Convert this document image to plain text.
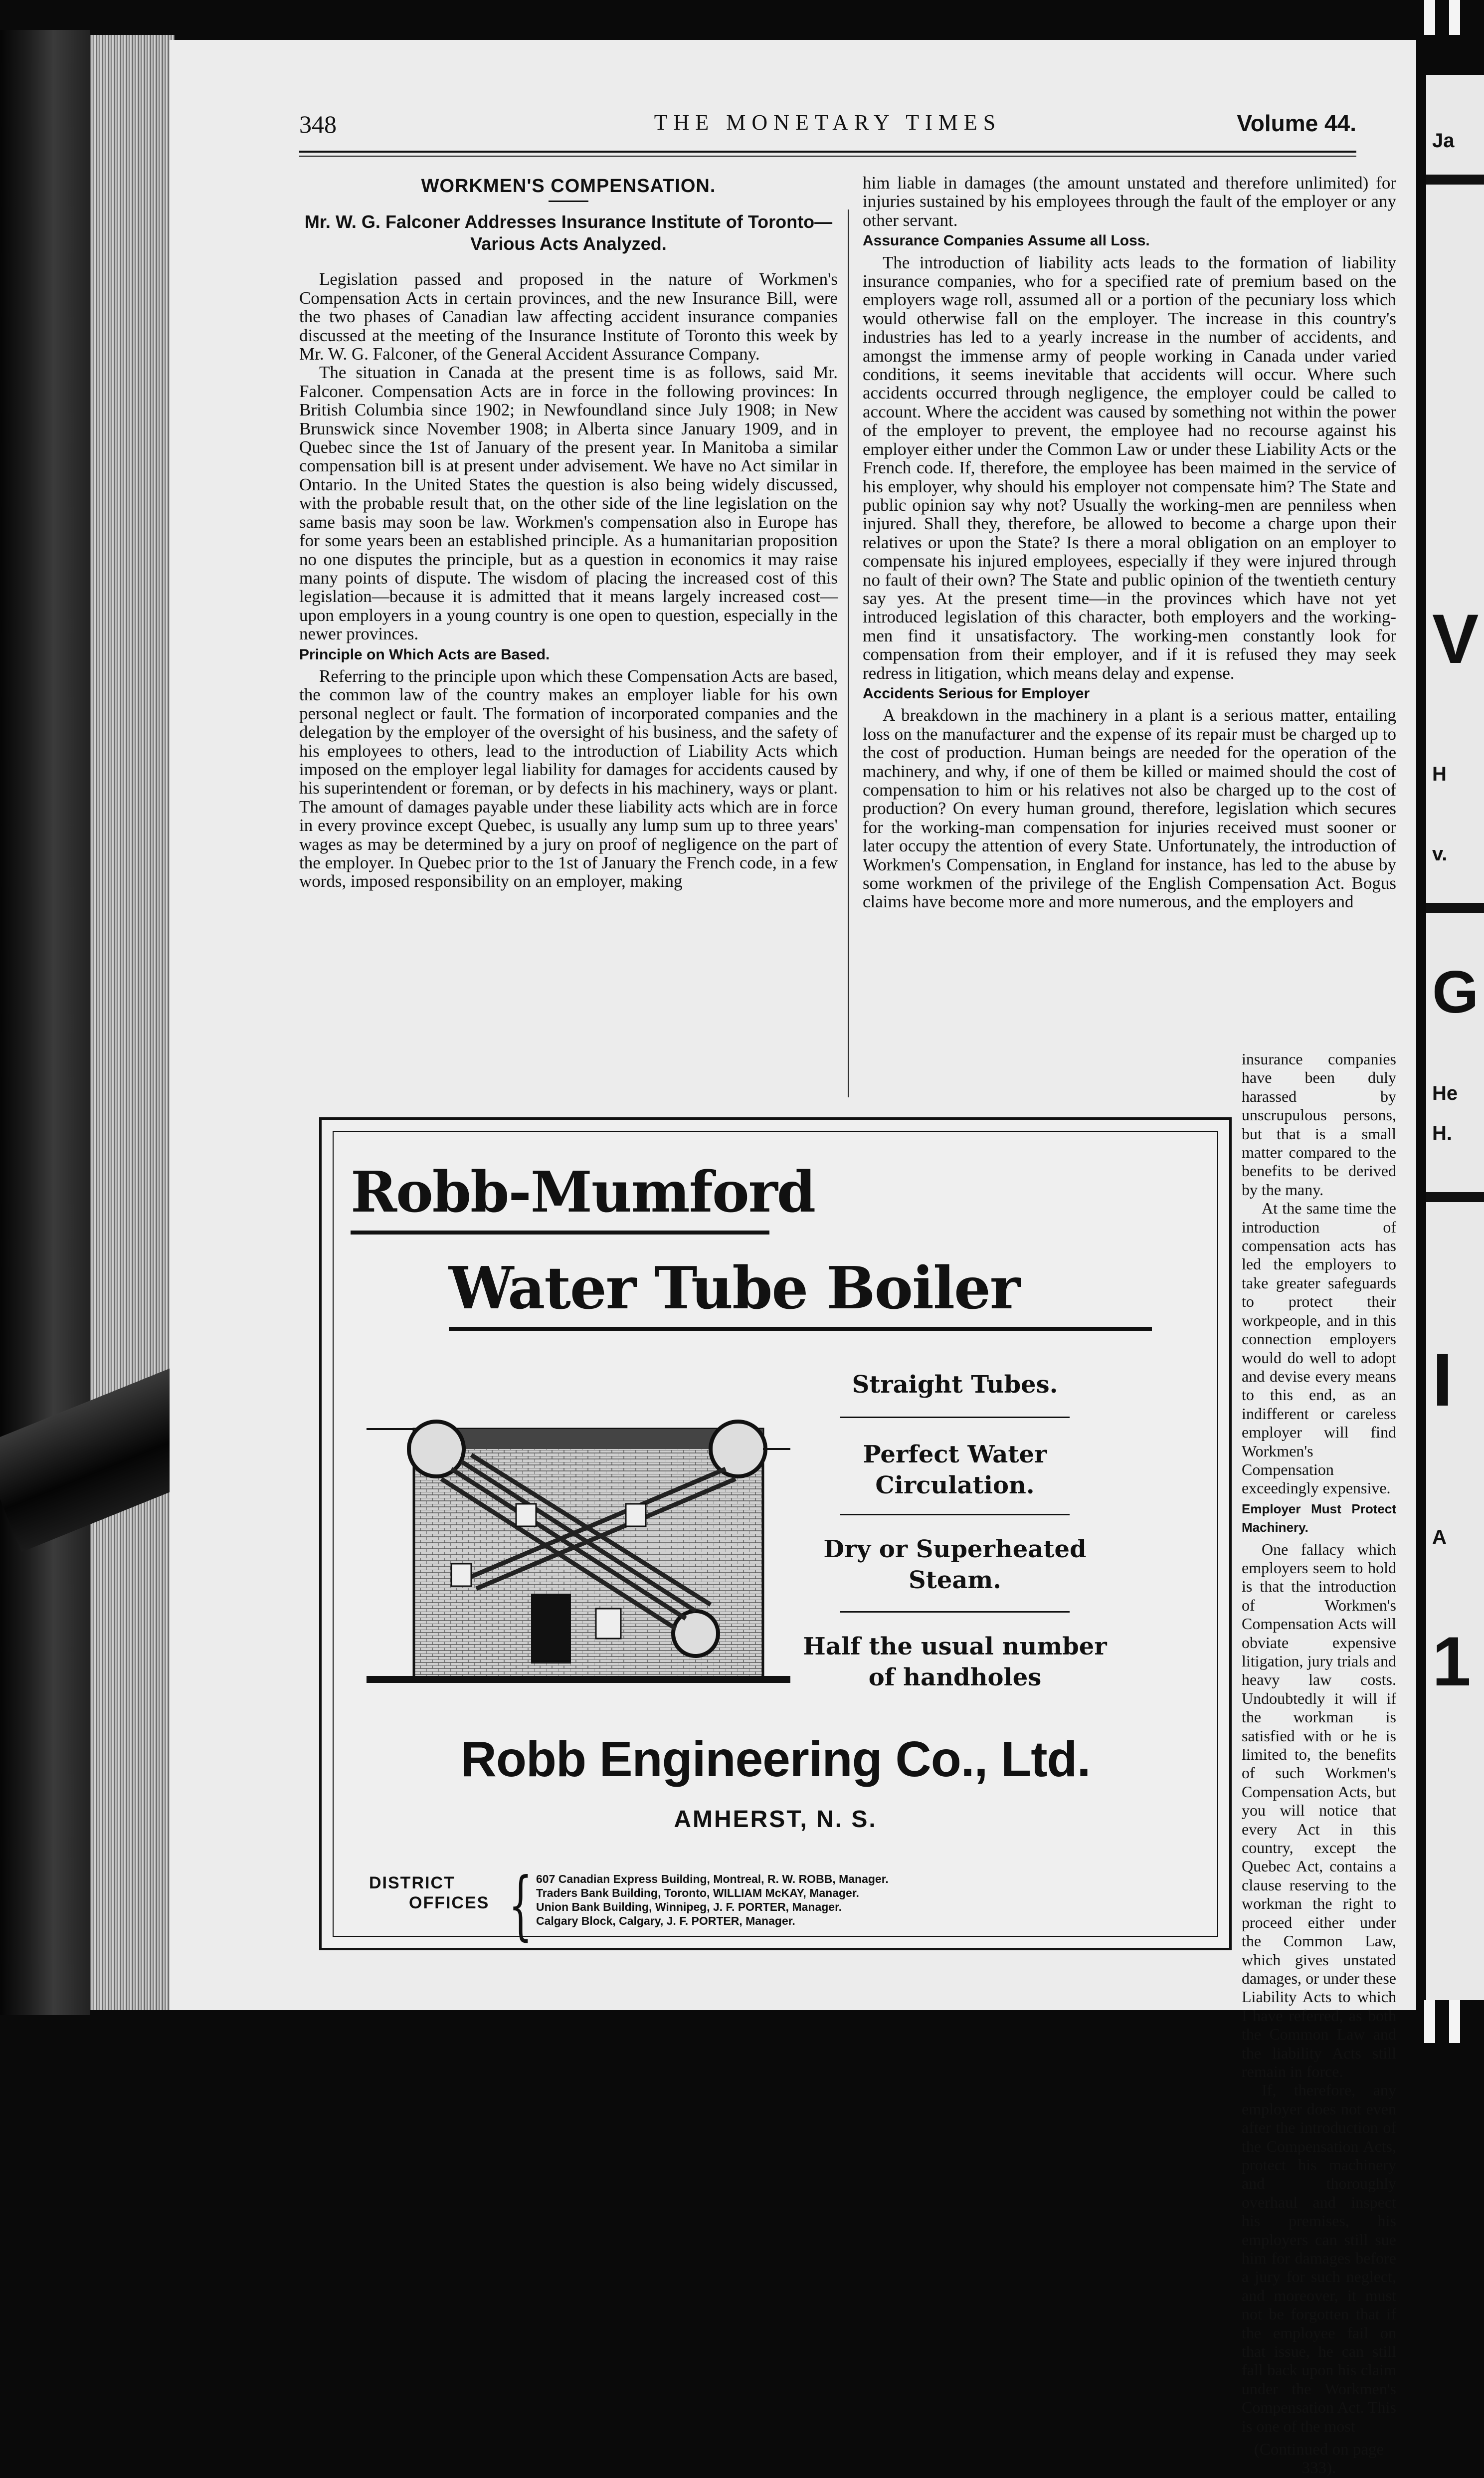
348	THE MONETARY TIMES	Volume 44.
WORKMEN'S COMPENSATION.
Mr. W. G. Falconer Addresses Insurance Institute of Toronto—Various Acts Analyzed.

Legislation passed and proposed in the nature of Workmen's Compensation Acts in certain provinces, and the new Insurance Bill, were the two phases of Canadian law affecting accident insurance companies discussed at the meeting of the Insurance Institute of Toronto this week by Mr. W. G. Falconer, of the General Accident Assurance Company.

The situation in Canada at the present time is as follows, said Mr. Falconer. Compensation Acts are in force in the following provinces: In British Columbia since 1902; in Newfoundland since July 1908; in New Brunswick since November 1908; in Alberta since January 1909, and in Quebec since the 1st of January of the present year. In Manitoba a similar compensation bill is at present under advisement. We have no Act similar in Ontario. In the United States the question is also being widely discussed, with the probable result that, on the other side of the line legislation on the same basis may soon be law. Workmen's compensation also in Europe has for some years been an established principle. As a humanitarian proposition no one disputes the principle, but as a question in economics it may raise many points of dispute. The wisdom of placing the increased cost of this legislation—because it is admitted that it means largely increased cost—upon employers in a young country is one open to question, especially in the newer provinces.

Principle on Which Acts are Based.

Referring to the principle upon which these Compensation Acts are based, the common law of the country makes an employer liable for his own personal neglect or fault. The formation of incorporated companies and the delegation by the employer of the oversight of his business, and the safety of his employees to others, lead to the introduction of Liability Acts which imposed on the employer legal liability for damages for accidents caused by his superintendent or foreman, or by defects in his machinery, ways or plant. The amount of damages payable under these liability acts which are in force in every province except Quebec, is usually any lump sum up to three years' wages as may be determined by a jury on proof of negligence on the part of the employer. In Quebec prior to the 1st of January the French code, in a few words, imposed responsibility on an employer, making

him liable in damages (the amount unstated and therefore unlimited) for injuries sustained by his employees through the fault of the employer or any other servant.

Assurance Companies Assume all Loss.

The introduction of liability acts leads to the formation of liability insurance companies, who for a specified rate of premium based on the employers wage roll, assumed all or a portion of the pecuniary loss which would otherwise fall on the employer. The increase in this country's industries has led to a yearly increase in the number of accidents, and amongst the immense army of people working in Canada under varied conditions, it seems inevitable that accidents will occur. Where such accidents occurred through negligence, the employer could be called to account. Where the accident was caused by something not within the power of the employer to prevent, the employee had no recourse against his employer either under the Common Law or under these Liability Acts or the French code. If, therefore, the employee has been maimed in the service of his employer, why should his employer not compensate him? The State and public opinion say why not? Usually the working-men are penniless when injured. Shall they, therefore, be allowed to become a charge upon their relatives or upon the State? Is there a moral obligation on an employer to compensate his injured employees, especially if they were injured through no fault of their own? The State and public opinion of the twentieth century say yes. At the present time—in the provinces which have not yet introduced legislation of this character, both employers and the working-men find it unsatisfactory. The working-men constantly look for compensation from their employer, and if it is refused they may seek redress in litigation, which means delay and expense.

Accidents Serious for Employer

A breakdown in the machinery in a plant is a serious matter, entailing loss on the manufacturer and the expense of its repair must be charged up to the cost of production. Human beings are needed for the operation of the machinery, and why, if one of them be killed or maimed should the cost of compensation to him or his relatives not also be charged up to the cost of production? On every human ground, therefore, legislation which secures for the working-man compensation for injuries received must sooner or later occupy the attention of every State. Unfortunately, the introduction of Workmen's Compensation, in England for instance, has led to the abuse by some workmen of the privilege of the English Compensation Act. Bogus claims have become more and more numerous, and the employers and

insurance companies have been duly harassed by unscrupulous persons, but that is a small matter compared to the benefits to be derived by the many.

At the same time the introduction of compensation acts has led the employers to take greater safeguards to protect their workpeople, and in this connection employers would do well to adopt and devise every means to this end, as an indifferent or careless employer will find Workmen's Compensation exceedingly expensive.

Employer Must Protect Machinery.

One fallacy which employers seem to hold is that the introduction of Workmen's Compensation Acts will obviate expensive litigation, jury trials and heavy law costs. Undoubtedly it will if the workman is satisfied with or he is limited to, the benefits of such Workmen's Compensation Acts, but you will notice that every Act in this country, except the Quebec Act, contains a clause reserving to the workman the right to proceed either under the Common Law, which gives unstated damages, or under these Liability Acts to which I have referred, as both the Common Law and the liability Acts still remain in force.

If, therefore, any employer does not even after the introduction of the Compensation Acts, protect his machinery and thoroughly overhaul and inspect his premises, his employers can still sue him for damages before a jury for such neglect, and moreover, it must not be forgotten that if the employee fail on that issue, he can still fall back upon his claim under the Workmen's Compensation Act. This is one of the most

(Continued on page 333).
Robb-Mumford
Water Tube Boiler
Straight Tubes.
Perfect Water Circulation.
Dry or Superheated Steam.
Half the usual number of handholes
Robb Engineering Co., Ltd.
AMHERST, N. S.
DISTRICT
OFFICES { 607 Canadian Express Building, Montreal, R. W. ROBB, Manager.
Traders Bank Building, Toronto, WILLIAM McKAY, Manager.
Union Bank Building, Winnipeg, J. F. PORTER, Manager.
Calgary Block, Calgary, J. F. PORTER, Manager.
Ja
V
H
v.
G
He
H.
I
A
1
